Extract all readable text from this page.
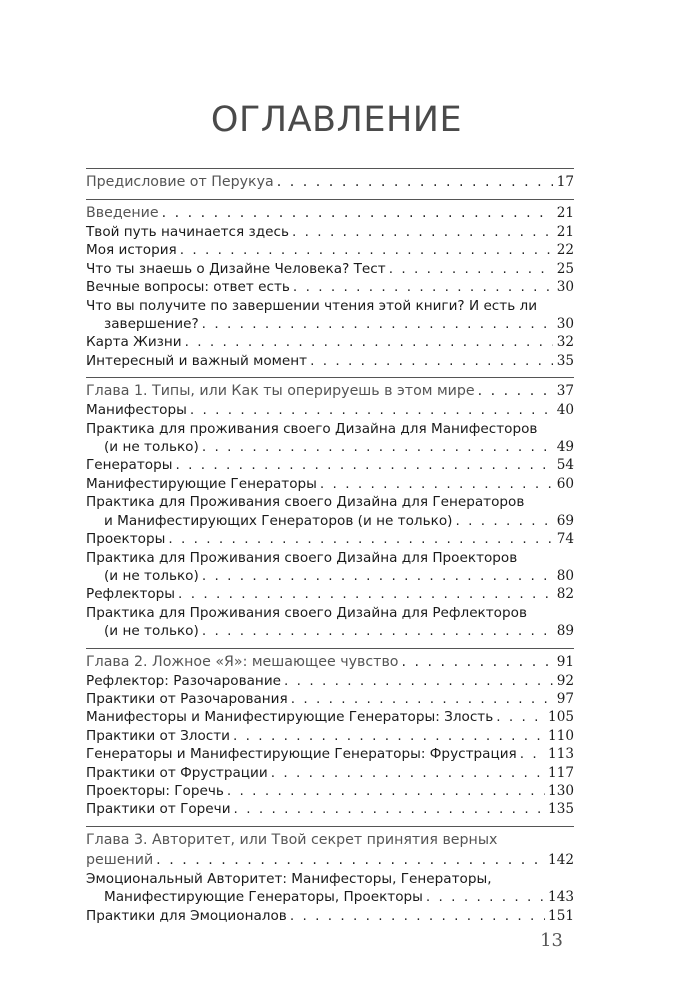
ОГЛАВЛЕНИЕ
Предисловие от Перукуа . . .	17
Введение . . .	21
Твой путь начинается здесь . . .	21
Моя история . . .	22
Что ты знаешь о Дизайне Человека? Тест . . .	25
Вечные вопросы: ответ есть . . .	30
Что вы получите по завершении чтения этой книги? И есть ли
завершение? . . .	30
Карта Жизни . . .	32
Интересный и важный момент . . .	35
Глава 1. Типы, или Как ты оперируешь в этом мире . . .	37
Манифесторы . . .	40
Практика для проживания своего Дизайна для Манифесторов
(и не только) . . .	49
Генераторы . . .	54
Манифестирующие Генераторы . . .	60
Практика для Проживания своего Дизайна для Генераторов
и Манифестирующих Генераторов (и не только) . . .	69
Проекторы . . .	74
Практика для Проживания своего Дизайна для Проекторов
(и не только) . . .	80
Рефлекторы . . .	82
Практика для Проживания своего Дизайна для Рефлекторов
(и не только) . . .	89
Глава 2. Ложное «Я»: мешающее чувство . . .	91
Рефлектор: Разочарование . . .	92
Практики от Разочарования . . .	97
Манифесторы и Манифестирующие Генераторы: Злость . . .	105
Практики от Злости . . .	110
Генераторы и Манифестирующие Генераторы: Фрустрация . . . 113
Практики от Фрустрации . . .	117
Проекторы: Горечь . . .	130
Практики от Горечи . . .	135
Глава 3. Авторитет, или Твой секрет принятия верных
решений . . .	142
Эмоциональный Авторитет: Манифесторы, Генераторы,
Манифестирующие Генераторы, Проекторы . . .	143
Практики для Эмоционалов . . .	151
13
